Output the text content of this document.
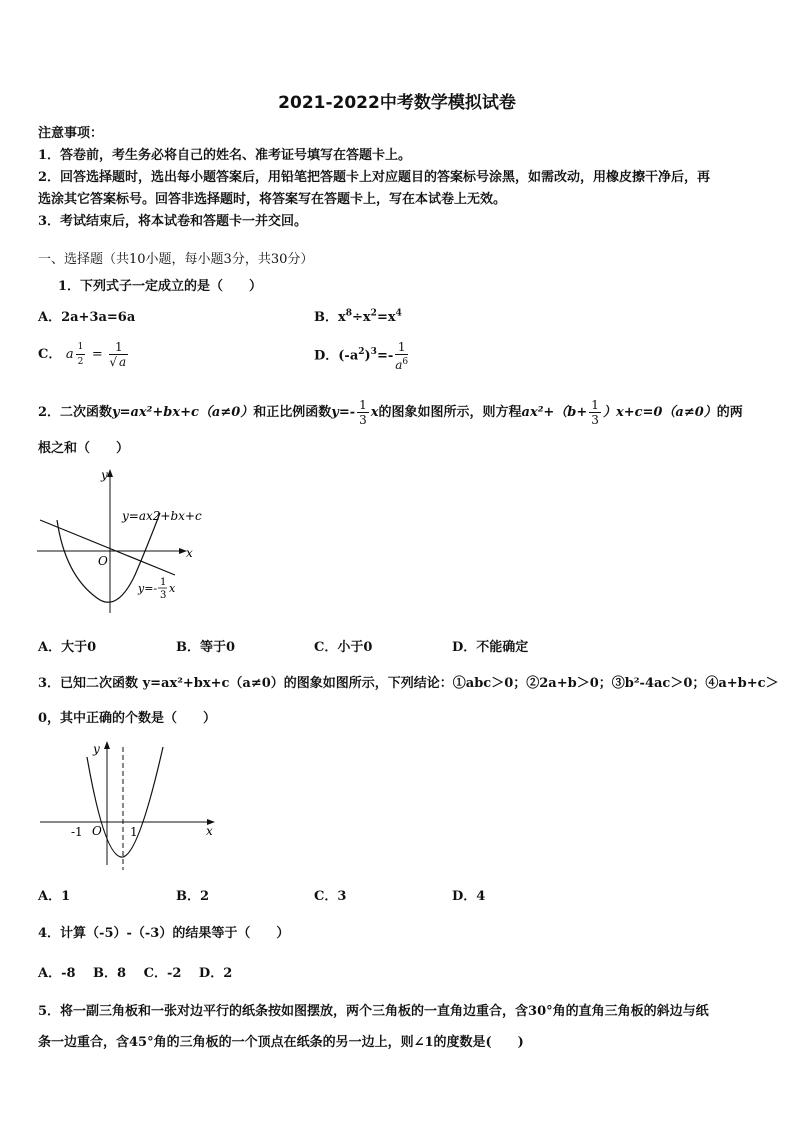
2021-2022中考数学模拟试卷
注意事项：
1．答卷前，考生务必将自己的姓名、准考证号填写在答题卡上。
2．回答选择题时，选出每小题答案后，用铅笔把答题卡上对应题目的答案标号涂黑，如需改动，用橡皮擦干净后，再
选涂其它答案标号。回答非选择题时，将答案写在答题卡上，写在本试卷上无效。
3．考试结束后，将本试卷和答题卡一并交回。
一、选择题（共10小题，每小题3分，共30分）
1．下列式子一定成立的是（　　）
A．2a+3a=6a	B．$x^8\div x^2=x^4$
C． a $\frac{1}{2} = \frac{1}{√ a}$	D．$(-a^2)^3=- \frac{1}{a^6}$
2．二次函数y=ax²+bx+c（a≠0）和正比例函数$y=- \frac{1}{3}$ x的图象如图所示，则方程$ax^2+(b+ \frac{1}{3} )x+c=0(a\ne 0)$的两
根之和（　　）
y
x
O
y=ax2+bx+c
y=- 1
3
x
A．大于0	B．等于0	C．小于0	D．不能确定
3．已知二次函数 y=ax²+bx+c（a≠0）的图象如图所示，下列结论：①abc＞0；②2a+b＞0；③b²-4ac＞0；④a+b+c＞
0，其中正确的个数是（　　）
y
x
O
-1	1
A．1	B．2	C．3	D．4
4．计算（-5）-（-3）的结果等于（　　）
A．-8　 B．8　 C．-2　 D．2
5．将一副三角板和一张对边平行的纸条按如图摆放，两个三角板的一直角边重合，含30°角的直角三角板的斜边与纸
条一边重合，含45°角的三角板的一个顶点在纸条的另一边上，则∠1的度数是(　　)
